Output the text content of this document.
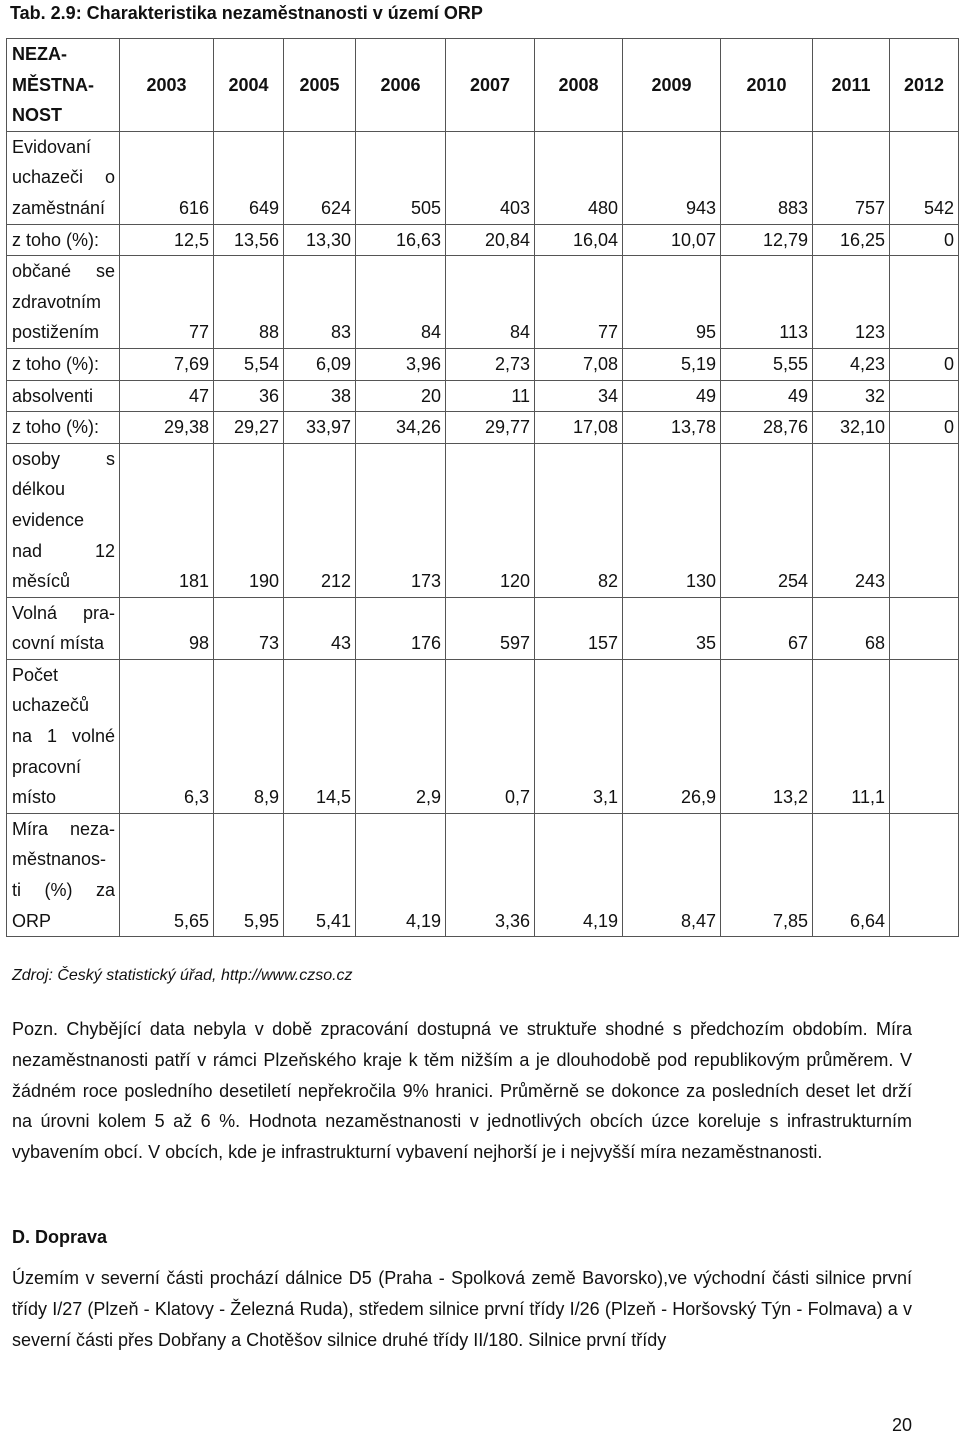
Tab. 2.9: Charakteristika nezaměstnanosti v území ORP
NEZA-
MĚSTNA-
NOST	2003	2004	2005	2006	2007	2008	2009	2010	2011	2012

Evidovaní
uchazeči o
zaměstnání	616	649	624	505	403	480	943	883	757	542
z toho (%):	12,5	13,56	13,30	16,63	20,84	16,04	10,07	12,79	16,25	0

občané se
zdravotním
postižením	77	88	83	84	84	77	95	113	123	
z toho (%):	7,69	5,54	6,09	3,96	2,73	7,08	5,19	5,55	4,23	0
absolventi	47	36	38	20	11	34	49	49	32	
z toho (%):	29,38	29,27	33,97	34,26	29,77	17,08	13,78	28,76	32,10	0

osoby s
délkou
evidence
nad 12
měsíců	181	190	212	173	120	82	130	254	243	

Volná pra-
covní místa	98	73	43	176	597	157	35	67	68	

Počet
uchazečů
na 1 volné
pracovní
místo	6,3	8,9	14,5	2,9	0,7	3,1	26,9	13,2	11,1	

Míra neza-
městnanos-
ti (%) za
ORP	5,65	5,95	5,41	4,19	3,36	4,19	8,47	7,85	6,64	
Zdroj: Český statistický úřad, http://www.czso.cz
Pozn. Chybějící data nebyla v době zpracování dostupná ve struktuře shodné s předchozím obdobím. Míra nezaměstnanosti patří v rámci Plzeňského kraje k těm nižším a je dlouhodobě pod republikovým průměrem. V žádném roce posledního desetiletí nepřekročila 9% hranici. Průměrně se dokonce za posledních deset let drží na úrovni kolem 5 až 6 %. Hodnota nezaměstnanosti v jednotlivých obcích úzce koreluje s infrastrukturním vybavením obcí. V obcích, kde je infrastrukturní vybavení nejhorší je i nejvyšší míra nezaměstnanosti.
D. Doprava
Územím v severní části prochází dálnice D5 (Praha - Spolková země Bavorsko),ve východní části silnice první třídy I/27 (Plzeň - Klatovy - Železná Ruda), středem silnice první třídy I/26 (Plzeň - Horšovský Týn - Folmava) a v severní části přes Dobřany a Chotěšov silnice druhé třídy II/180. Silnice první třídy
20
